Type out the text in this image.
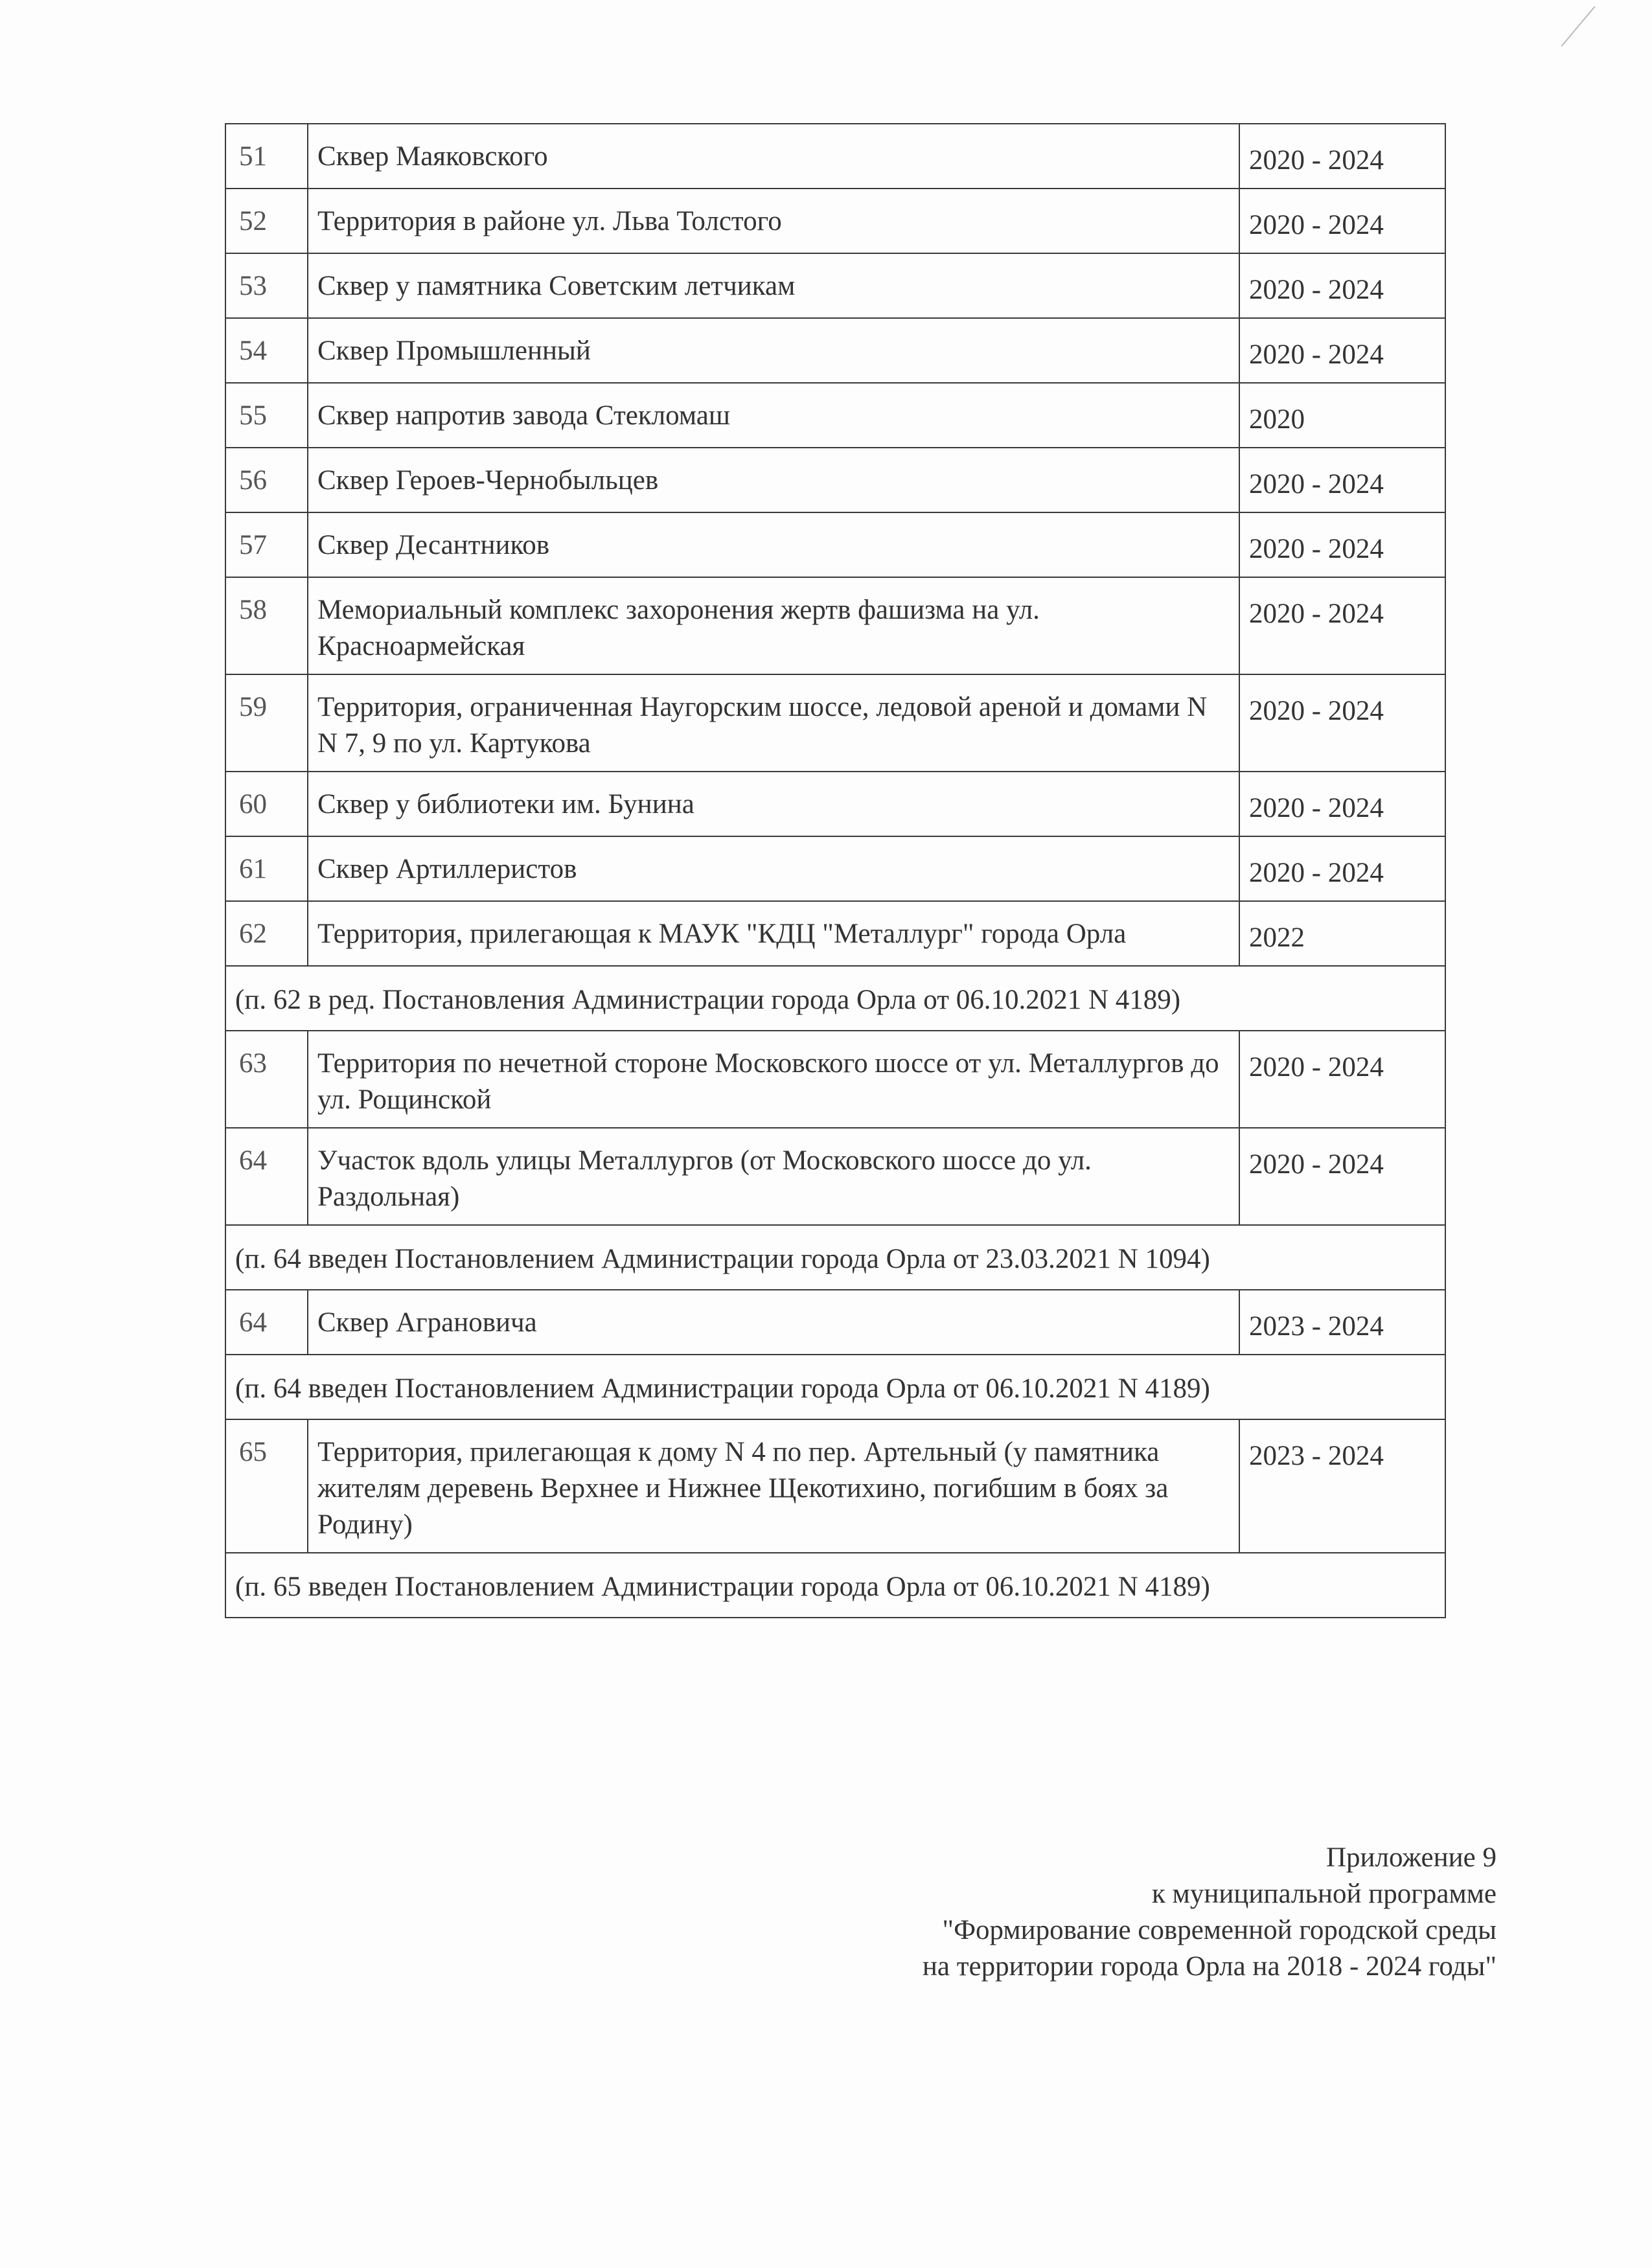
51	Сквер Маяковского	2020 - 2024
52	Территория в районе ул. Льва Толстого	2020 - 2024
53	Сквер у памятника Советским летчикам	2020 - 2024
54	Сквер Промышленный	2020 - 2024
55	Сквер напротив завода Стекломаш	2020
56	Сквер Героев-Чернобыльцев	2020 - 2024
57	Сквер Десантников	2020 - 2024
58	Мемориальный комплекс захоронения жертв фашизма на ул. Красноармейская	2020 - 2024
59	Территория, ограниченная Наугорским шоссе, ледовой ареной и домами N N 7, 9 по ул. Картукова	2020 - 2024
60	Сквер у библиотеки им. Бунина	2020 - 2024
61	Сквер Артиллеристов	2020 - 2024
62	Территория, прилегающая к МАУК "КДЦ "Металлург" города Орла	2022
(п. 62 в ред. Постановления Администрации города Орла от 06.10.2021 N 4189)		
63	Территория по нечетной стороне Московского шоссе от ул. Металлургов до ул. Рощинской	2020 - 2024
64	Участок вдоль улицы Металлургов (от Московского шоссе до ул. Раздольная)	2020 - 2024
(п. 64 введен Постановлением Администрации города Орла от 23.03.2021 N 1094)		
64	Сквер Аграновича	2023 - 2024
(п. 64 введен Постановлением Администрации города Орла от 06.10.2021 N 4189)		
65	Территория, прилегающая к дому N 4 по пер. Артельный (у памятника жителям деревень Верхнее и Нижнее Щекотихино, погибшим в боях за Родину)	2023 - 2024
(п. 65 введен Постановлением Администрации города Орла от 06.10.2021 N 4189)		
Приложение 9
к муниципальной программе
"Формирование современной городской среды
на территории города Орла на 2018 - 2024 годы"
